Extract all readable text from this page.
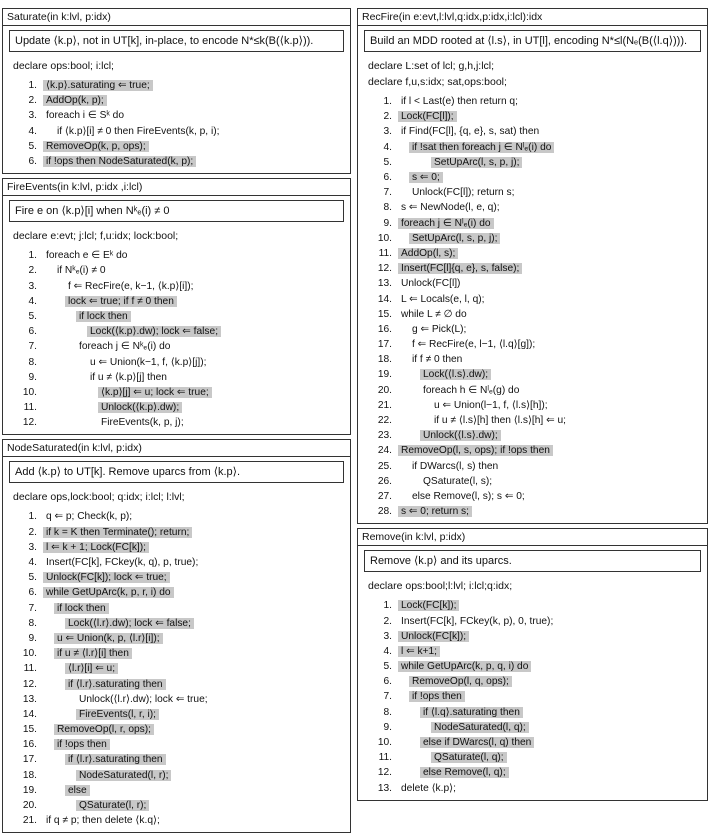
Saturate(in k:lvl, p:idx)
Update ⟨k.p⟩, not in UT[k], in-place, to encode N*≤k(B(⟨k.p⟩)).
declare ops:bool; i:lcl;
1. ⟨k.p⟩.saturating ⇐ true;
2. AddOp(k, p);
3. foreach i ∈ Sᵏ do
4.	if ⟨k.p⟩[i] ≠ 0 then FireEvents(k, p, i);
5. RemoveOp(k, p, ops);
6. if !ops then NodeSaturated(k, p);
FireEvents(in k:lvl, p:idx ,i:lcl)
Fire e on ⟨k.p⟩[i] when Nᵏₑ(i) ≠ 0
declare e:evt; j:lcl; f,u:idx; lock:bool;
1. foreach e ∈ Eᵏ do
2.	if Nᵏₑ(i) ≠ 0
3.	f ⇐ RecFire(e, k−1, ⟨k.p⟩[i]);
4.	lock ⇐ true; if f ≠ 0 then
5.	if lock then
6.	Lock(⟨k.p⟩.dw); lock ⇐ false;
7.	foreach j ∈ Nᵏₑ(i) do
8.	u ⇐ Union(k−1, f, ⟨k.p⟩[j]);
9.	if u ≠ ⟨k.p⟩[j] then
10.	⟨k.p⟩[j] ⇐ u; lock ⇐ true;
11.	Unlock(⟨k.p⟩.dw);
12.	FireEvents(k, p, j);
NodeSaturated(in k:lvl, p:idx)
Add ⟨k.p⟩ to UT[k]. Remove uparcs from ⟨k.p⟩.
declare ops,lock:bool; q:idx; i:lcl; l:lvl;
1. q ⇐ p; Check(k, p);
2. if k = K then Terminate(); return;
3. l ⇐ k + 1; Lock(FC[k]);
4. Insert(FC[k], FCkey(k, q), p, true);
5. Unlock(FC[k]); lock ⇐ true;
6. while GetUpArc(k, p, r, i) do
7.	if lock then
8.	Lock(⟨l.r⟩.dw); lock ⇐ false;
9.	u ⇐ Union(k, p, ⟨l.r⟩[i]);
10.	if u ≠ ⟨l.r⟩[i] then
11.	⟨l.r⟩[i] ⇐ u;
12.	if ⟨l.r⟩.saturating then
13.	Unlock(⟨l.r⟩.dw); lock ⇐ true;
14.	FireEvents(l, r, i);
15.	RemoveOp(l, r, ops);
16.	if !ops then
17.	if ⟨l.r⟩.saturating then
18.	NodeSaturated(l, r);
19.	else
20.	QSaturate(l, r);
21. if q ≠ p; then delete ⟨k.q⟩;
RecFire(in e:evt,l:lvl,q:idx,p:idx,i:lcl):idx
Build an MDD rooted at ⟨l.s⟩, in UT[l], encoding N*≤l(Nₑ(B(⟨l.q⟩))).
declare L:set of lcl; g,h,j:lcl;
declare f,u,s:idx; sat,ops:bool;
1. if l < Last(e) then return q;
2. Lock(FC[l]);
3. if Find(FC[l], {q, e}, s, sat) then
4.	if !sat then foreach j ∈ Nˡₑ(i) do
5.	SetUpArc(l, s, p, j);
6.	s ⇐ 0;
7.	Unlock(FC[l]); return s;
8. s ⇐ NewNode(l, e, q);
9. foreach j ∈ Nˡₑ(i) do
10.	SetUpArc(l, s, p, j);
11. AddOp(l, s);
12. Insert(FC[l]{q, e}, s, false);
13. Unlock(FC[l])
14. L ⇐ Locals(e, l, q);
15. while L ≠ ∅ do
16.	g ⇐ Pick(L);
17.	f ⇐ RecFire(e, l−1, ⟨l.q⟩[g]);
18.	if f ≠ 0 then
19.	Lock(⟨l.s⟩.dw);
20.	foreach h ∈ Nˡₑ(g) do
21.	u ⇐ Union(l−1, f, ⟨l.s⟩[h]);
22.	if u ≠ ⟨l.s⟩[h] then ⟨l.s⟩[h] ⇐ u;
23.	Unlock(⟨l.s⟩.dw);
24. RemoveOp(l, s, ops); if !ops then
25.	if DWarcs(l, s) then
26.	QSaturate(l, s);
27.	else Remove(l, s); s ⇐ 0;
28. s ⇐ 0; return s;
Remove(in k:lvl, p:idx)
Remove ⟨k.p⟩ and its uparcs.
declare ops:bool;l:lvl; i:lcl;q:idx;
1. Lock(FC[k]);
2. Insert(FC[k], FCkey(k, p), 0, true);
3. Unlock(FC[k]);
4. l ⇐ k+1;
5. while GetUpArc(k, p, q, i) do
6.	RemoveOp(l, q, ops);
7.	if !ops then
8.	if ⟨l.q⟩.saturating then
9.	NodeSaturated(l, q);
10.	else if DWarcs(l, q) then
11.	QSaturate(l, q);
12.	else Remove(l, q);
13. delete ⟨k.p⟩;
